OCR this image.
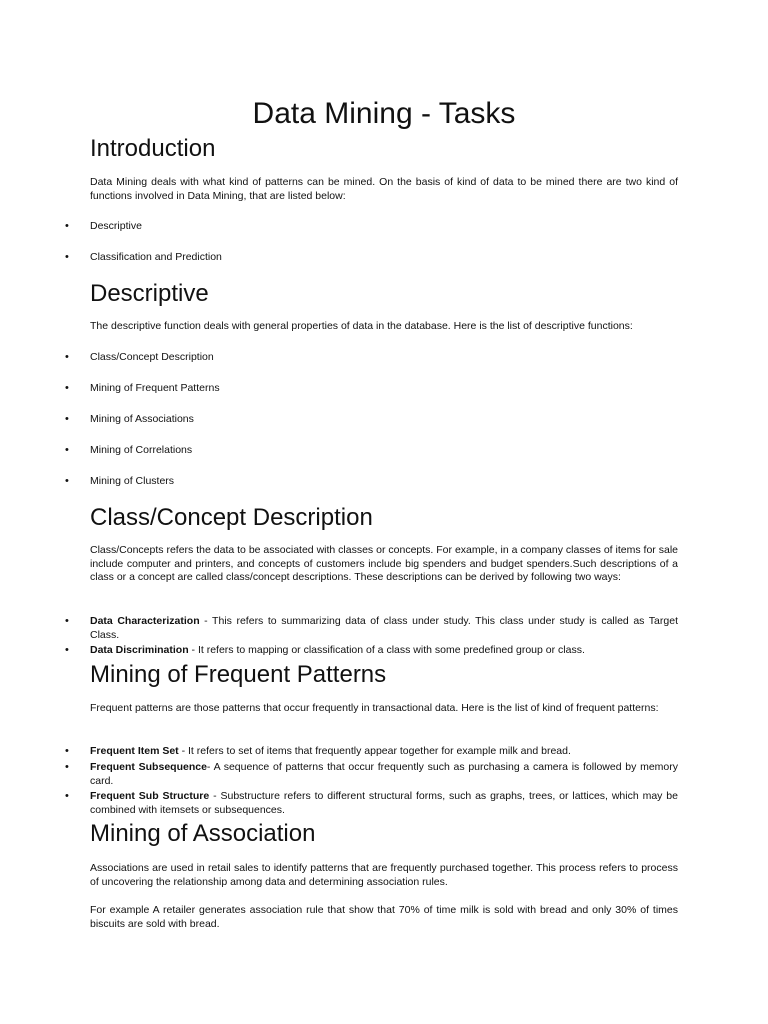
Data Mining - Tasks
Introduction

Data Mining deals with what kind of patterns can be mined. On the basis of kind of data to be mined there are two kind of functions involved in Data Mining, that are listed below:

• Descriptive

• Classification and Prediction

Descriptive

The descriptive function deals with general properties of data in the database. Here is the list of descriptive functions:

• Class/Concept Description

• Mining of Frequent Patterns

• Mining of Associations

• Mining of Correlations

• Mining of Clusters

Class/Concept Description

Class/Concepts refers the data to be associated with classes or concepts. For example, in a company classes of items for sale include computer and printers, and concepts of customers include big spenders and budget spenders.Such descriptions of a class or a concept are called class/concept descriptions. These descriptions can be derived by following two ways:

• Data Characterization - This refers to summarizing data of class under study. This class under study is called as Target Class.

• Data Discrimination - It refers to mapping or classification of a class with some predefined group or class.

Mining of Frequent Patterns

Frequent patterns are those patterns that occur frequently in transactional data. Here is the list of kind of frequent patterns:

• Frequent Item Set - It refers to set of items that frequently appear together for example milk and bread.

• Frequent Subsequence- A sequence of patterns that occur frequently such as purchasing a camera is followed by memory card.

• Frequent Sub Structure - Substructure refers to different structural forms, such as graphs, trees, or lattices, which may be combined with itemsets or subsequences.

Mining of Association

Associations are used in retail sales to identify patterns that are frequently purchased together. This process refers to process of uncovering the relationship among data and determining association rules.

For example A retailer generates association rule that show that 70% of time milk is sold with bread and only 30% of times biscuits are sold with bread.
